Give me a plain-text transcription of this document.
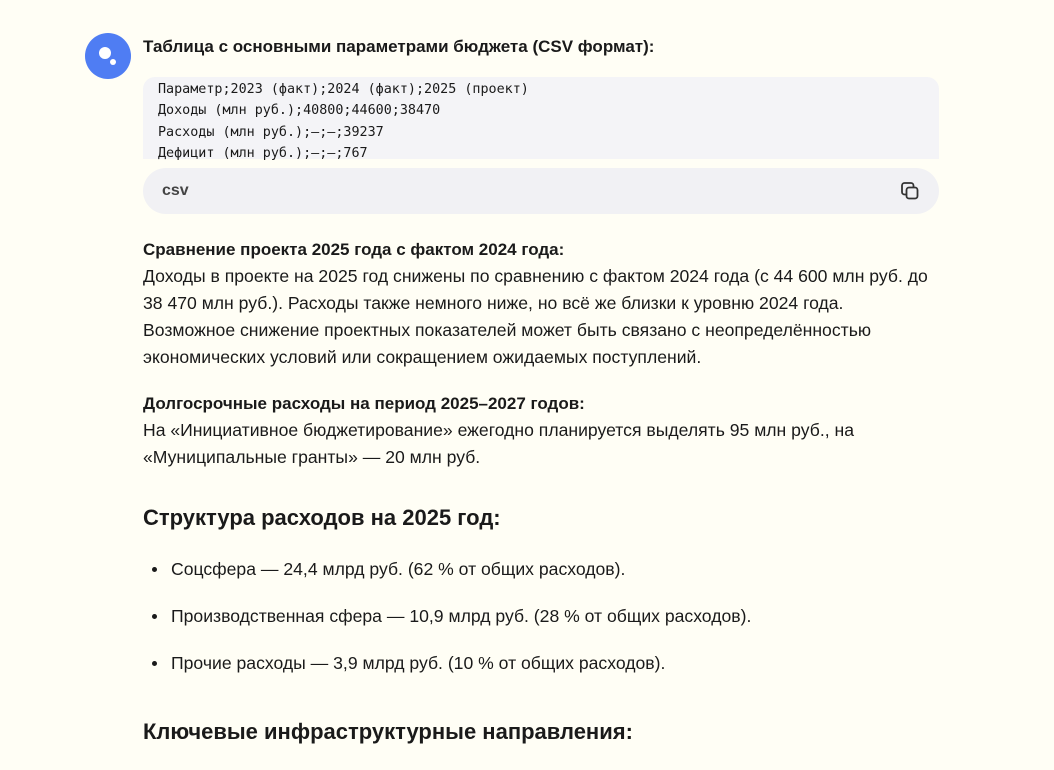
Таблица с основными параметрами бюджета (CSV формат):

Параметр;2023 (факт);2024 (факт);2025 (проект)
Доходы (млн руб.);40800;44600;38470
Расходы (млн руб.);—;—;39237
Дефицит (млн руб.);—;—;767
csv
Сравнение проекта 2025 года с фактом 2024 года:
Доходы в проекте на 2025 год снижены по сравнению с фактом 2024 года (с 44 600 млн руб. до 38 470 млн руб.). Расходы также немного ниже, но всё же близки к уровню 2024 года. Возможное снижение проектных показателей может быть связано с неопределённостью экономических условий или сокращением ожидаемых поступлений.
Долгосрочные расходы на период 2025–2027 годов:
На «Инициативное бюджетирование» ежегодно планируется выделять 95 млн руб., на «Муниципальные гранты» — 20 млн руб.
Структура расходов на 2025 год:
Соцсфера — 24,4 млрд руб. (62 % от общих расходов).
Производственная сфера — 10,9 млрд руб. (28 % от общих расходов).
Прочие расходы — 3,9 млрд руб. (10 % от общих расходов).
Ключевые инфраструктурные направления:
